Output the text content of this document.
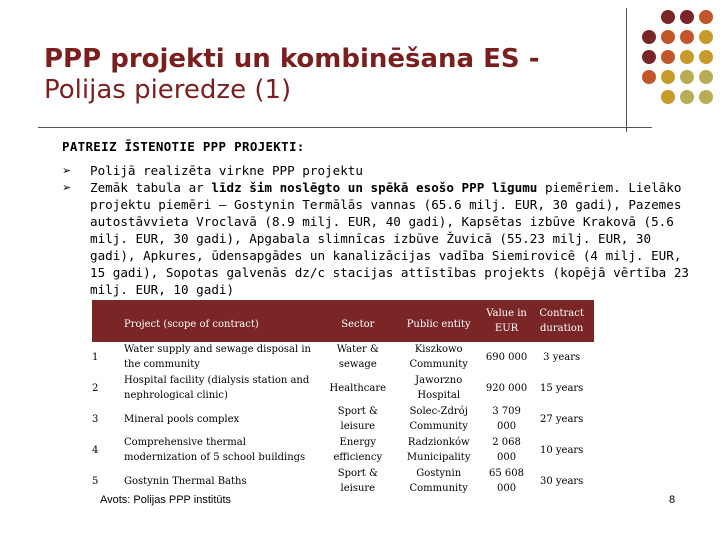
PPP projekti un kombinēšana ES -
Polijas pieredze (1)
PATREIZ ĪSTENOTIE PPP PROJEKTI:
➢ Polijā realizēta virkne PPP projektu
➢ Zemāk tabula ar līdz šim noslēgto un spēkā esošo PPP līgumu piemēriem. Lielāko projektu piemēri – Gostynin Termālās vannas (65.6 milj. EUR, 30 gadi), Pazemes autostāvvieta Vroclavā (8.9 milj. EUR, 40 gadi), Kapsētas izbūve Krakovā (5.6 milj. EUR, 30 gadi), Apgabala slimnīcas izbūve Žuvicā (55.23 milj. EUR, 30 gadi), Apkures, ūdensapgādes un kanalizācijas vadība Siemirovicē (4 milj. EUR, 15 gadi), Sopotas galvenās dz/c stacijas attīstības projekts (kopējā vērtība 23 milj. EUR, 10 gadi)
	Project (scope of contract)	Sector	Public entity	Value in EUR	Contract duration
1	Water supply and sewage disposal in the community	Water & sewage	Kiszkowo Community	690 000	3 years
2	Hospital facility (dialysis station and nephrological clinic)	Healthcare	Jaworzno Hospital	920 000	15 years
3	Mineral pools complex	Sport & leisure	Solec-Zdrój Community	3 709 000	27 years
4	Comprehensive thermal modernization of 5 school buildings	Energy efficiency	Radzionków Municipality	2 068 000	10 years
5	Gostynin Thermal Baths	Sport & leisure	Gostynin Community	65 608 000	30 years
Avots: Polijas PPP institūts	8
